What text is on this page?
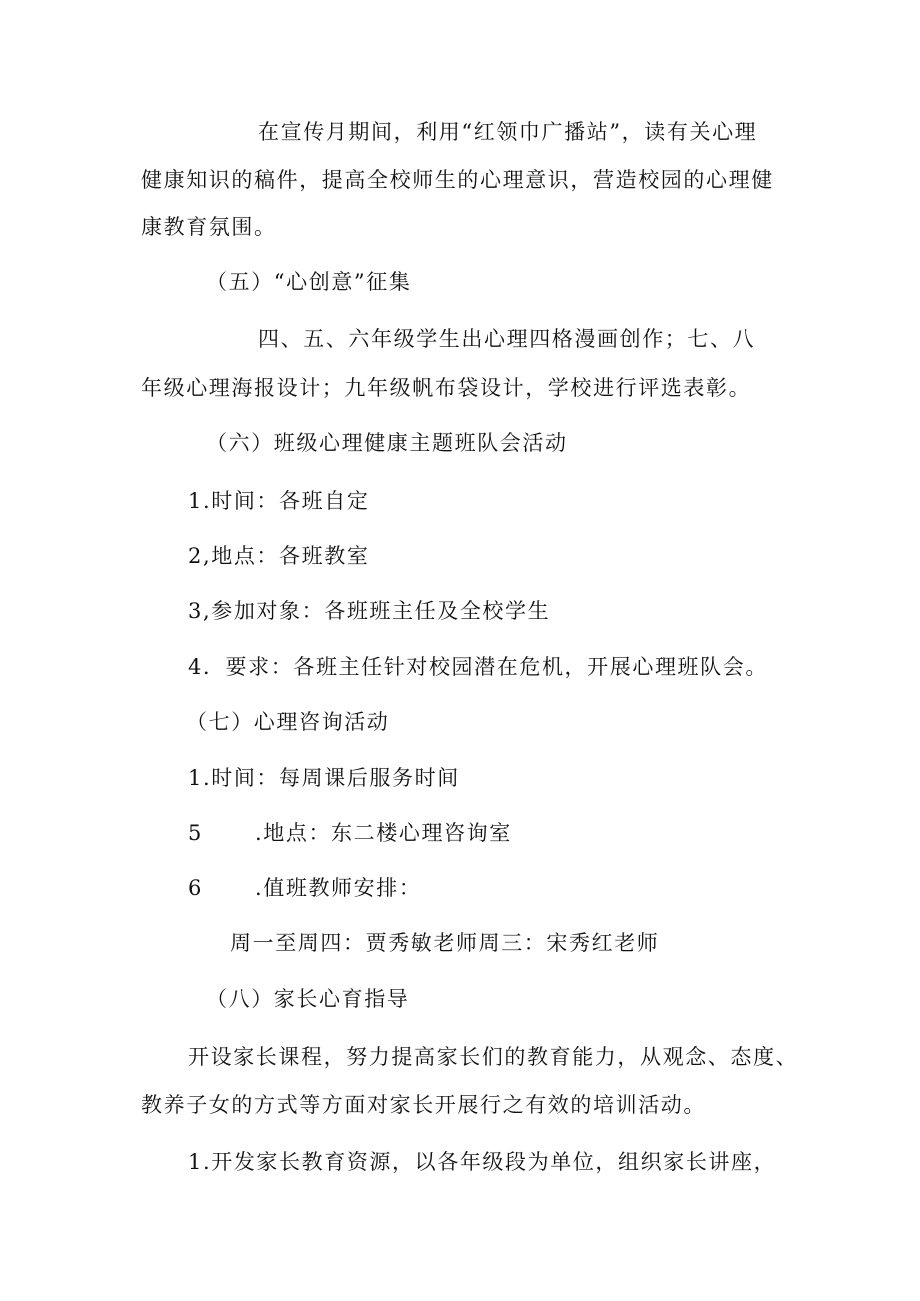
在宣传月期间，利用“红领巾广播站”，读有关心理
健康知识的稿件，提高全校师生的心理意识，营造校园的心理健
康教育氛围。
（五）“心创意”征集
四、五、六年级学生出心理四格漫画创作；七、八
年级心理海报设计；九年级帆布袋设计，学校进行评选表彰。
（六）班级心理健康主题班队会活动
1.时间：各班自定
2,地点：各班教室
3,参加对象：各班班主任及全校学生
4．要求：各班主任针对校园潜在危机，开展心理班队会。
（七）心理咨询活动
1.时间：每周课后服务时间
5 .地点：东二楼心理咨询室
6 .值班教师安排：
周一至周四：贾秀敏老师周三：宋秀红老师
（八）家长心育指导
开设家长课程，努力提高家长们的教育能力，从观念、态度、
教养子女的方式等方面对家长开展行之有效的培训活动。
1.开发家长教育资源，以各年级段为单位，组织家长讲座，
